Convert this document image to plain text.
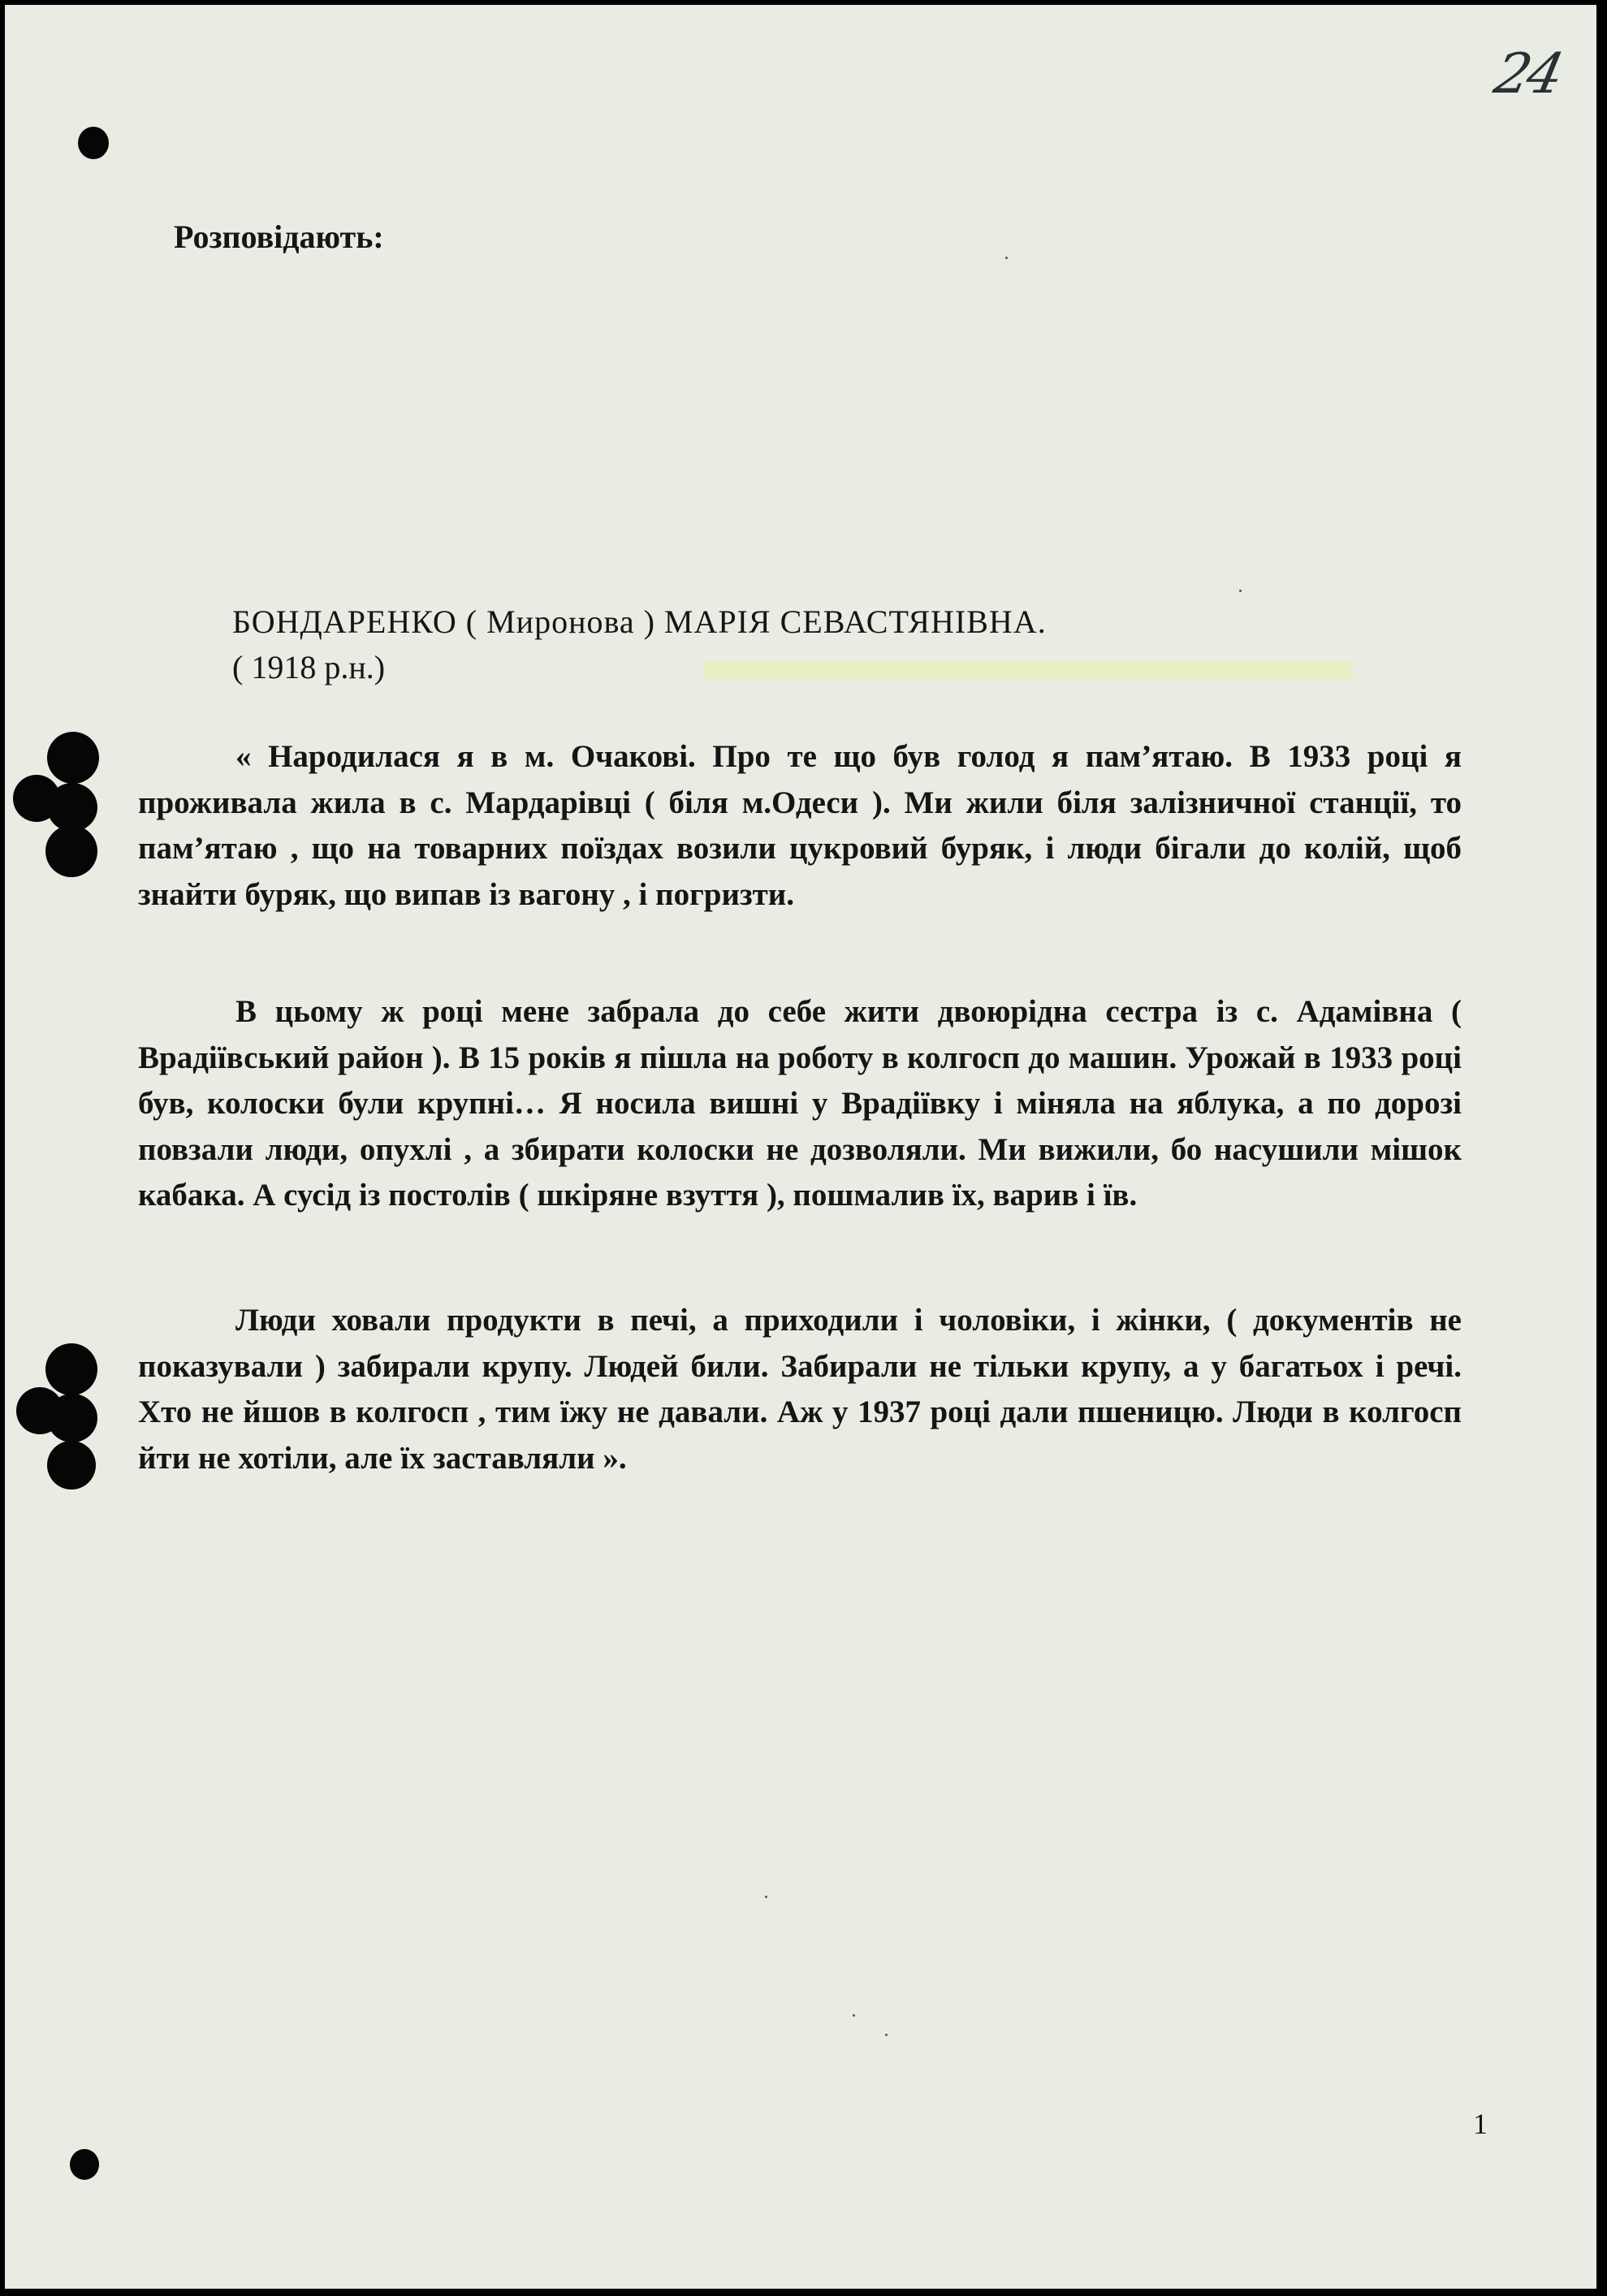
24
Розповідають:
БОНДАРЕНКО ( Миронова ) МАРІЯ СЕВАСТЯНІВНА.
( 1918 р.н.)

« Народилася я в м. Очакові. Про те що був голод я пам’ятаю. В 1933 році я проживала жила в с. Мардарівці ( біля м.Одеси ). Ми жили біля залізничної станції, то пам’ятаю , що на товарних поїздах возили цукровий буряк, і люди бігали до колій, щоб знайти буряк, що випав із вагону , і погризти.

В цьому ж році мене забрала до себе жити двоюрідна сестра із с. Адамівна ( Врадіївський район ). В 15 років я пішла на роботу в колгосп до машин. Урожай в 1933 році був, колоски були крупні… Я носила вишні у Врадіївку і міняла на яблука, а по дорозі повзали люди, опухлі , а збирати колоски не дозволяли. Ми вижили, бо насушили мішок кабака. А сусід із постолів ( шкіряне взуття ), пошмалив їх, варив і їв.

Люди ховали продукти в печі, а приходили і чоловіки, і жінки, ( документів не показували ) забирали крупу. Людей били. Забирали не тільки крупу, а у багатьох і речі. Хто не йшов в колгосп , тим їжу не давали. Аж у 1937 році дали пшеницю. Люди в колгосп йти не хотіли, але їх заставляли ».

1
